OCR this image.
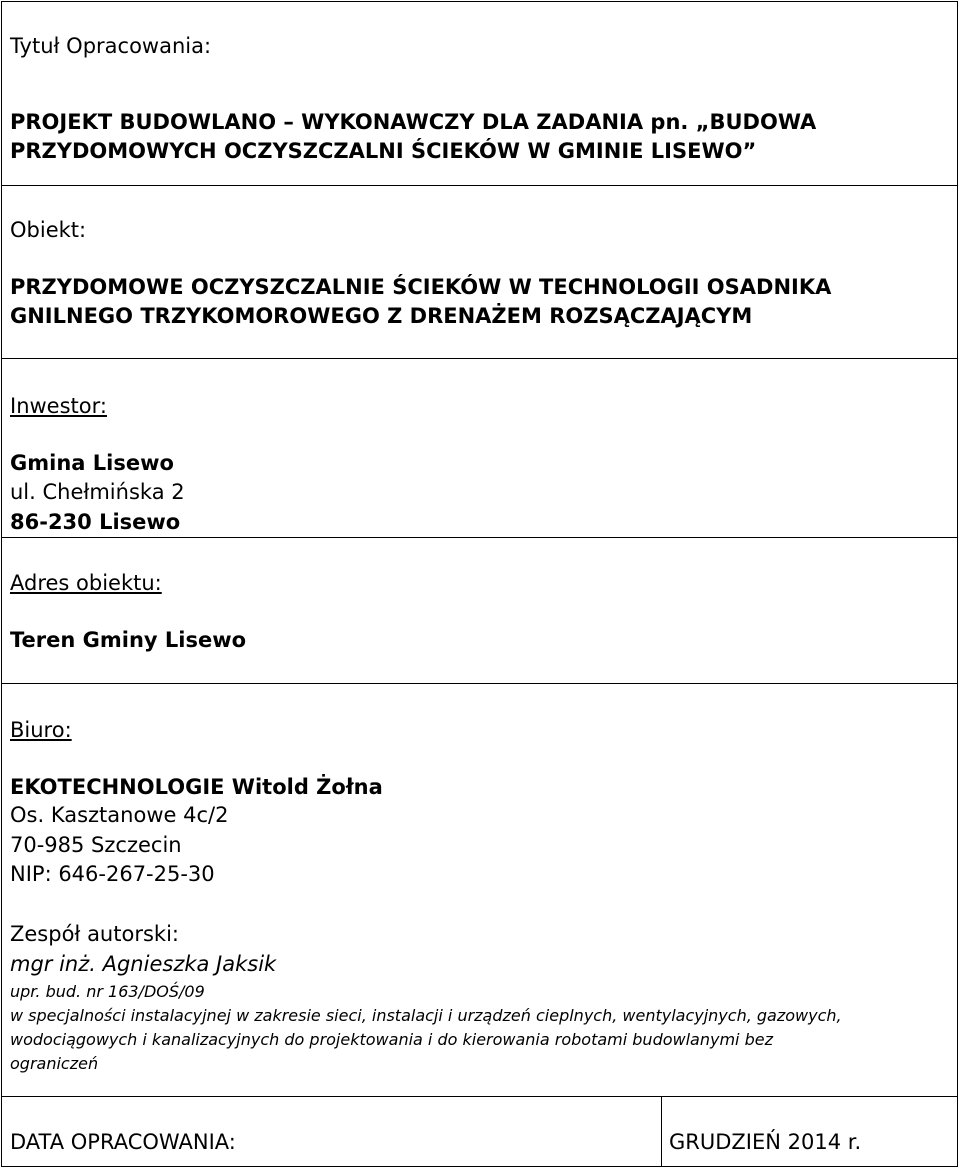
Tytuł Opracowania:
PROJEKT BUDOWLANO – WYKONAWCZY DLA ZADANIA pn. „BUDOWA
PRZYDOMOWYCH OCZYSZCZALNI ŚCIEKÓW W GMINIE LISEWO”
Obiekt:
PRZYDOMOWE OCZYSZCZALNIE ŚCIEKÓW W TECHNOLOGII OSADNIKA
GNILNEGO TRZYKOMOROWEGO Z DRENAŻEM ROZSĄCZAJĄCYM
Inwestor:
Gmina Lisewo
ul. Chełmińska 2
86-230 Lisewo
Adres obiektu:
Teren Gminy Lisewo
Biuro:
EKOTECHNOLOGIE Witold Żołna
Os. Kasztanowe 4c/2
70-985 Szczecin
NIP: 646-267-25-30
Zespół autorski:
mgr inż. Agnieszka Jaksik
upr. bud. nr 163/DOŚ/09
w specjalności instalacyjnej w zakresie sieci, instalacji i urządzeń cieplnych, wentylacyjnych, gazowych,
wodociągowych i kanalizacyjnych do projektowania i do kierowania robotami budowlanymi bez
ograniczeń
DATA OPRACOWANIA:	GRUDZIEŃ 2014 r.
